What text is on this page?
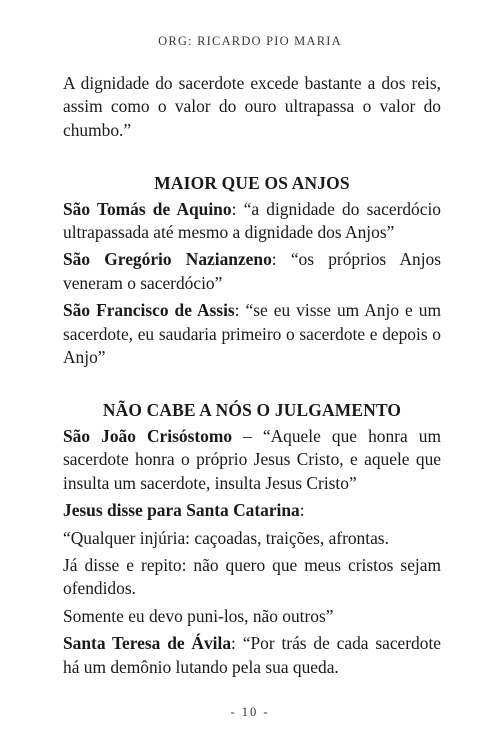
ORG: RICARDO PIO MARIA

A dignidade do sacerdote excede bastante a dos reis, assim como o valor do ouro ultrapassa o valor do chumbo.”

MAIOR QUE OS ANJOS

São Tomás de Aquino: “a dignidade do sacerdócio ultrapassada até mesmo a dignidade dos Anjos”

São Gregório Nazianzeno: “os próprios Anjos veneram o sacerdócio”

São Francisco de Assis: “se eu visse um Anjo e um sacerdote, eu saudaria primeiro o sacerdote e depois o Anjo”

NÃO CABE A NÓS O JULGAMENTO

São João Crisóstomo – “Aquele que honra um sacerdote honra o próprio Jesus Cristo, e aquele que insulta um sacerdote, insulta Jesus Cristo”

Jesus disse para Santa Catarina:

“Qualquer injúria: caçoadas, traições, afrontas.

Já disse e repito: não quero que meus cristos sejam ofendidos.

Somente eu devo puni-los, não outros”

Santa Teresa de Ávila: “Por trás de cada sacerdote há um demônio lutando pela sua queda.

- 10 -
